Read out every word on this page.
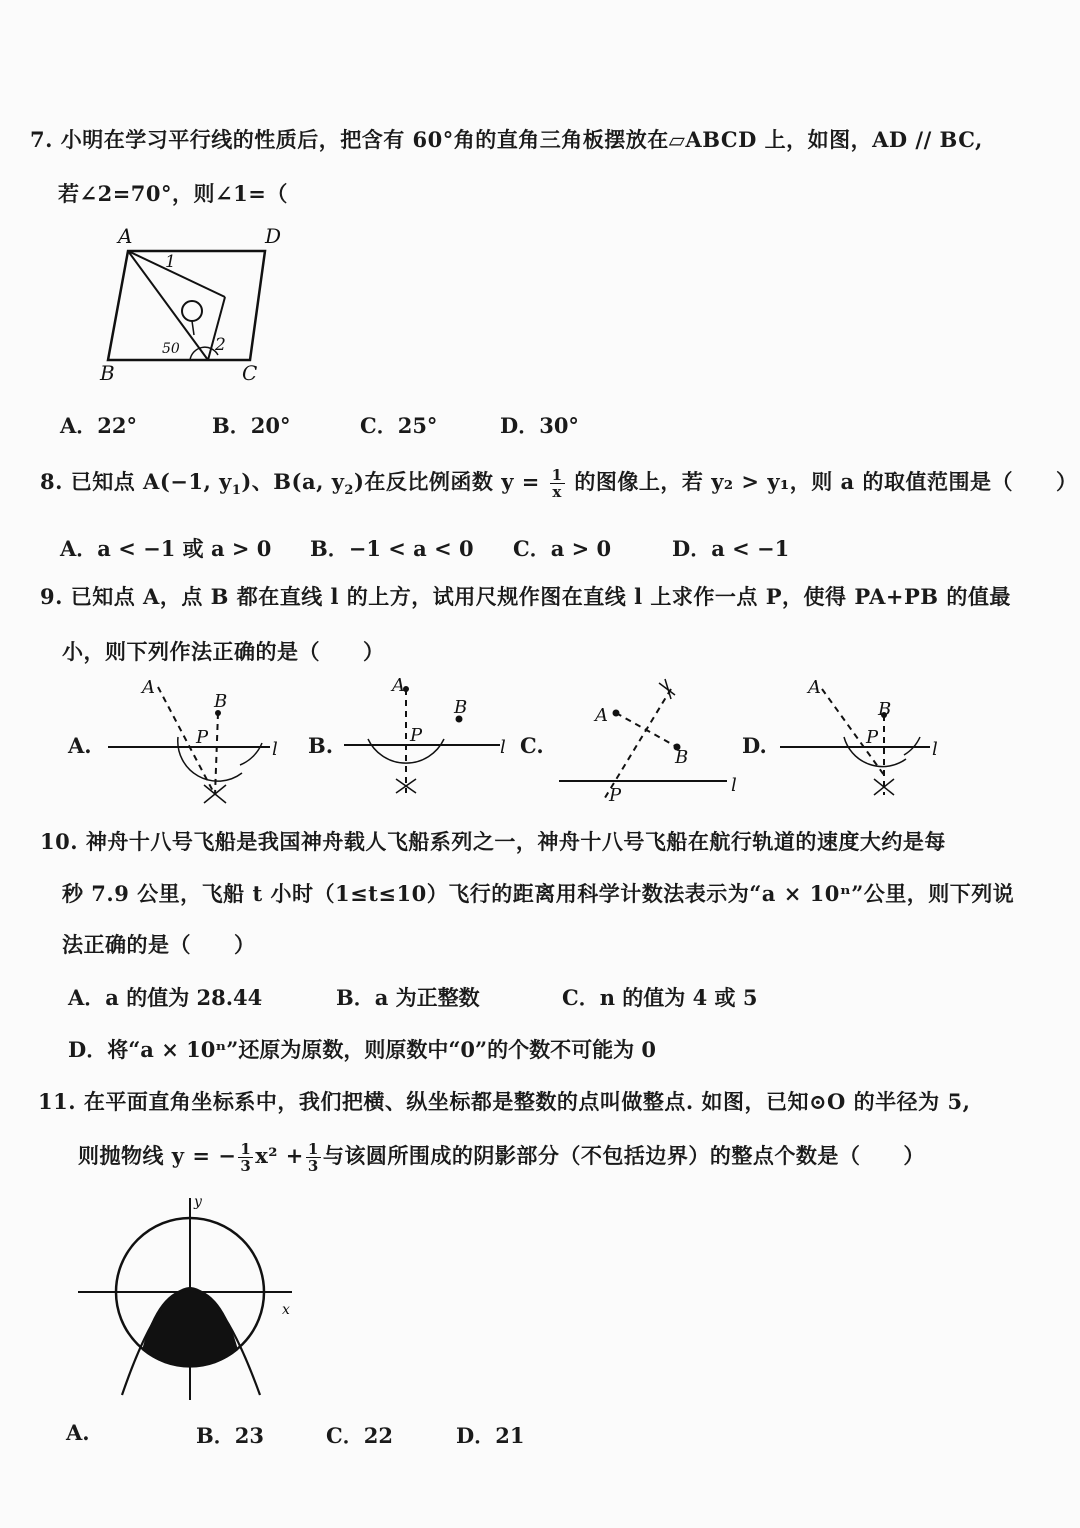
7. 小明在学习平行线的性质后，把含有 60°角的直角三角板摆放在▱ABCD 上，如图，AD // BC,
若∠2=70°，则∠1=（
A	D
B	C
1
2
50
A．22°	B．20°	C．25°	D．30°
8. 已知点 A(−1, $y_1$)、B(a, $y_2$)在反比例函数 $y = \frac{1}{x}$ 的图像上，若 y₂ > y₁，则 a 的取值范围是（　　）
A．a < −1 或 a > 0 B．−1 < a < 0 C．a > 0	D．a < −1
9. 已知点 A，点 B 都在直线 l 的上方，试用尺规作图在直线 l 上求作一点 P，使得 PA+PB 的值最
小，则下列作法正确的是（　　）
A.	B.	C.	D.
A
B
P
l
A
B
P
l
A
B
P	l
A
B
P
l
10. 神舟十八号飞船是我国神舟载人飞船系列之一，神舟十八号飞船在航行轨道的速度大约是每
秒 7.9 公里，飞船 t 小时（1≤t≤10）飞行的距离用科学计数法表示为“a × 10ⁿ”公里，则下列说
法正确的是（　　）
A．a 的值为 28.44	B．a 为正整数	C．n 的值为 4 或 5
D．将“a × 10ⁿ”还原为原数，则原数中“0”的个数不可能为 0
11. 在平面直角坐标系中，我们把横、纵坐标都是整数的点叫做整点. 如图，已知⊙O 的半径为 5,
则抛物线 y = − $\frac{1}{3} x^2 + \frac{1}{3}$ 与该圆所围成的阴影部分（不包括边界）的整点个数是（　　）
y
x
A.	B．23	C．22	D．21
